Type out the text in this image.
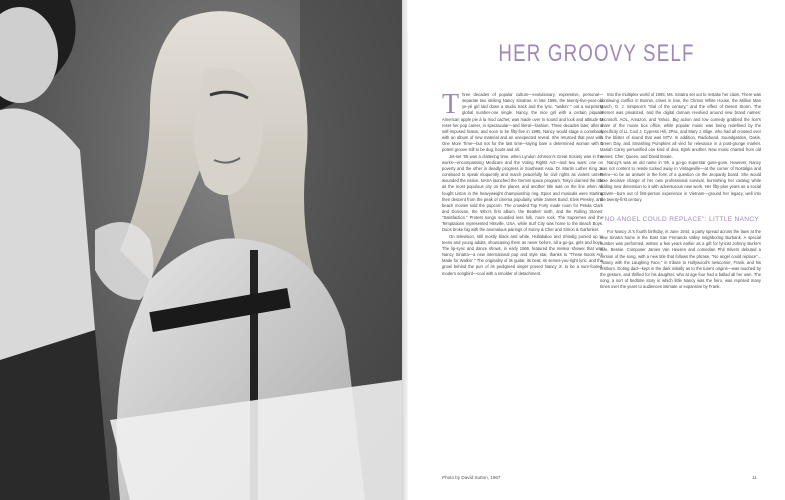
HER GROOVY SELF

Three decades of popular culture—evolutionary, expressive, personal—separate two striking Nancy Sinatras. In late 1965, the twenty-five-year-old ye-yé girl laid down a studio track and the lyric, "walkin' " out a surprising global number-one single. Nancy, the nice girl with a certain piquant American apple pie à la mod cachet, was made over in sound and look and attitude to reset her pop career, in spectacular—and literal—fashion. Three decades later, after a self-imposed hiatus, and soon to be fifty-five in 1995, Nancy would stage a comeback with an album of new material and an unexpected reveal. She returned that year with One More Time—but not for the last time—laying bare a determined woman with a potent groove still to be dug, boots and all.

Jet-set '65 was a clattering time, when Lyndon Johnson's Great Society was in the works—encompassing Medicare and the Voting Rights Act—and two wars: one on poverty and the other in deadly progress in Southeast Asia. Dr. Martin Luther King Jr. continued to speak eloquently and march peacefully for civil rights as violent unrest wounded the nation. NASA launched the Gemini space program. Tokyo claimed the title as the most populous city on the planet, and another title was on the line when Ali fought Liston in the heavyweight championship ring. Epics and musicals were starting their descent from the peak of cinema popularity, while James Bond, Elvis Presley, and beach movies sold the popcorn. The crowded Top Forty made room for Petula Clark and Donovan, the Who's first album, the Beatles' sixth, and the Rolling Stones' "Satisfaction." Protest songs sounded less folk, more rock. The Supremes and the Temptations represented Hitsville, USA, while Surf City was home to the Beach Boys. Duos broke big with the anomalous pairings of Sonny & Cher and Simon & Garfunkel.

On television, still mostly black and white, Hullabaloo and Shindig ponied up to teens and young adults, showcasing them as never before, all a-go-go, girls and boys. The lip-sync and dance shows, in early 1966, featured the meteor shower that was Nancy Sinatra—a new international pop and style star, thanks to "These Boots Are Made for Walkin'." The originality of its guitar, its beat, its serves-you-right lyric, and the growl behind the purr of its pedigreed singer proved Nancy Jr. to be a sure-footed, modern songbird—cool with a smolder of detachment.

Into the multiplex world of 1995, Ms. Sinatra set out to restake her claim. There was continuing conflict in Bosnia, crises in Iran, the Clinton White House, the Million Man March, O. J. Simpson's "trial of the century," and the effect of Desert Storm. The internet was privatized, and the digital domain revolved around new brand names: Microsoft, AOL, Amazon, and Yahoo. Big action and low comedy grabbed the lion's share of the movie box office, while popular music was being redefined by the specificity of LL Cool J, Cypress Hill, 2Pac, and Mary J. Blige, who had all crossed over in the blister of sound that was MTV. In addition, Radiohead, Soundgarden, Oasis, Green Day, and Smashing Pumpkins all vied for relevance in a post-grunge market. Mariah Carey personified one kind of diva, Björk another. New music charted from old names: Cher, Queen, and David Bowie.

Nancy's was an old name in '95, a go-go superstar gone-gone. However, Nancy was not content to reside tucked away in Vintageville—at the corner of Nostalgia and Retro—to be an answer in the form of a question on the Jeopardy board. She would take decisive charge of her own professional survival, burnishing her catalog while adding new dimension to it with adventurous new work. Her fifty-plus years as a social activist—born out of first-person experience in Vietnam—ground her legacy, well into the twenty-first century.

"NO ANGEL COULD REPLACE": LITTLE NANCY

For Nancy Jr.'s fourth birthday, in June 1944, a party spread across the lawn at the new Sinatra home in the East San Fernando Valley neighboring Burbank. A special number was performed, written a few years earlier as a gift for lyricist Johnny Burke's wife, Bessie. Composer James Van Heusen and comedian Phil Silvers debuted a version of the song, with a new title that follows the phrase, "No angel could replace"... "Nancy with the Laughing Face," in tribute to Hollywood's newcomer, Frank, and his firstborn. Doting dad—kept in the dark initially as to the tune's origins—was touched by the gesture, and thrilled for his daughter, who at age four had a ballad all her own. The song, a sort of bedtime story in which little Nancy was the hero, was reprised many times over the years to audiences intimate or expansive by Frank.

Photo by David Sutton, 1967	11
